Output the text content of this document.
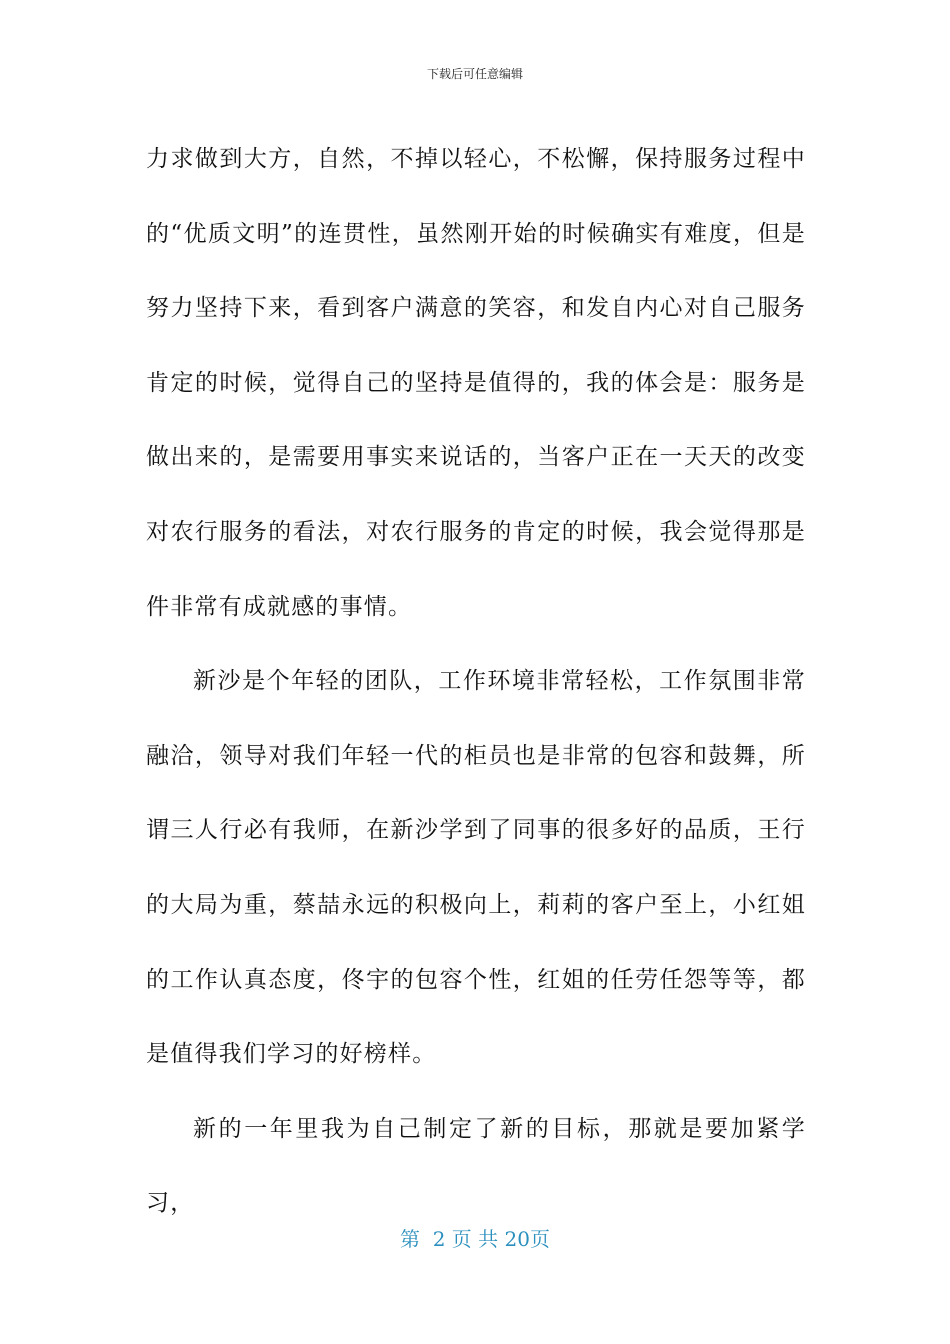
下载后可任意编辑

力求做到大方，自然，不掉以轻心，不松懈，保持服务过程中的“优质文明”的连贯性，虽然刚开始的时候确实有难度，但是努力坚持下来，看到客户满意的笑容，和发自内心对自己服务肯定的时候，觉得自己的坚持是值得的，我的体会是：服务是做出来的，是需要用事实来说话的，当客户正在一天天的改变对农行服务的看法，对农行服务的肯定的时候，我会觉得那是件非常有成就感的事情。

新沙是个年轻的团队，工作环境非常轻松，工作氛围非常融洽，领导对我们年轻一代的柜员也是非常的包容和鼓舞，所谓三人行必有我师，在新沙学到了同事的很多好的品质，王行的大局为重，蔡喆永远的积极向上，莉莉的客户至上，小红姐的工作认真态度，佟宇的包容个性，红姐的任劳任怨等等，都是值得我们学习的好榜样。

新的一年里我为自己制定了新的目标，那就是要加紧学习，

第  2 页 共 20页
